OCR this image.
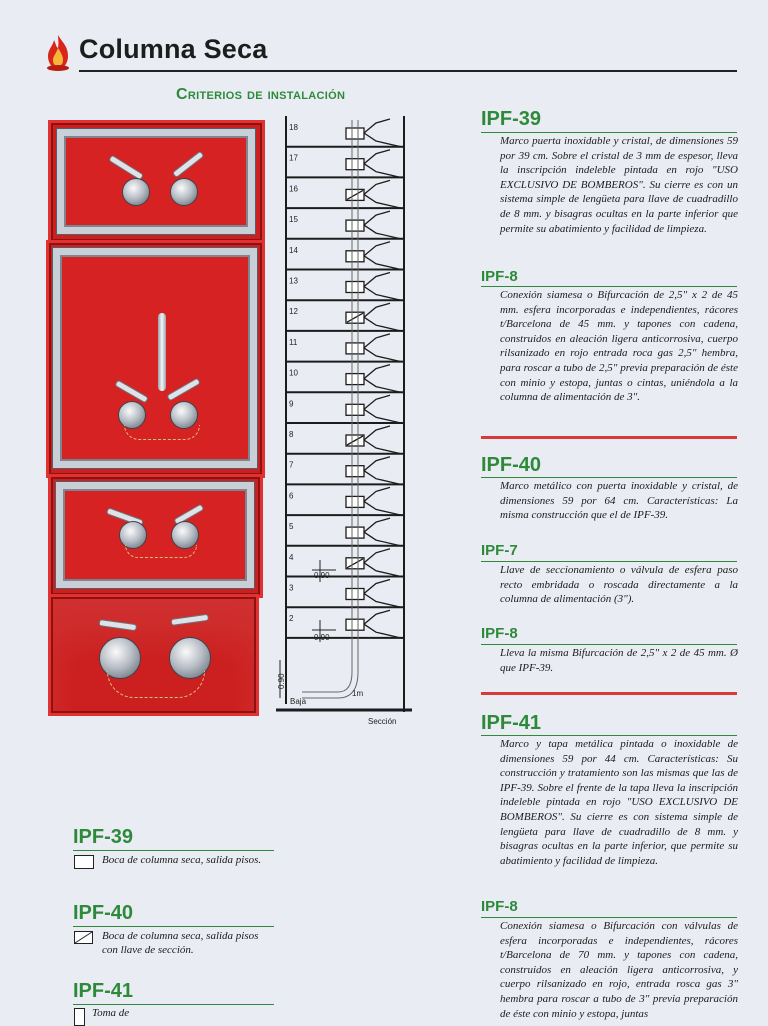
Columna Seca
Criterios de instalación
18
17
16
15
14
13
12
11
10
9
8
7
6
5
4
3
2
0.90
0.90
0.90
Baja
1m
Sección
IPF-39
Marco puerta inoxidable y cristal, de dimensiones 59 por 39 cm. Sobre el cristal de 3 mm de espesor, lleva la inscripción indeleble pintada en rojo "USO EXCLUSIVO DE BOMBEROS". Su cierre es con un sistema simple de lengüeta para llave de cuadradillo de 8 mm. y bisagras ocultas en la parte inferior que permite su abatimiento y facilidad de limpieza.
IPF-8
Conexión siamesa o Bifurcación de 2,5" x 2 de 45 mm. esfera incorporadas e independientes, rácores t/Barcelona de 45 mm. y tapones con cadena, construidos en aleación ligera anticorrosiva, cuerpo rilsanizado en rojo entrada roca gas 2,5" hembra, para roscar a tubo de 2,5" previa preparación de éste con minio y estopa, juntas o cintas, uniéndola a la columna de alimentación de 3".
IPF-40
Marco metálico con puerta inoxidable y cristal, de dimensiones 59 por 64 cm. Características: La misma construcción que el de IPF-39.
IPF-7
Llave de seccionamiento o válvula de esfera paso recto embridada o roscada directamente a la columna de alimentación (3").
IPF-8
Lleva la misma Bifurcación de 2,5" x 2 de 45 mm. Ø que IPF-39.
IPF-41
Marco y tapa metálica pintada o inoxidable de dimensiones 59 por 44 cm. Características: Su construcción y tratamiento son las mismas que las de IPF-39. Sobre el frente de la tapa lleva la inscripción indeleble pintada en rojo "USO EXCLUSIVO DE BOMBEROS". Su cierre es con sistema simple de lengüeta para llave de cuadradillo de 8 mm. y bisagras ocultas en la parte inferior, que permite su abatimiento y facilidad de limpieza.
IPF-8
Conexión siamesa o Bifurcación con válvulas de esfera incorporadas e independientes, rácores t/Barcelona de 70 mm. y tapones con cadena, construidos en aleación ligera anticorrosiva, y cuerpo rilsanizado en rojo, entrada rosca gas 3" hembra para roscar a tubo de 3" previa preparación de éste con minio y estopa, juntas
IPF-39
Boca de columna seca, salida pisos.
IPF-40
Boca de columna seca, salida pisos con llave de sección.
IPF-41
Toma de
